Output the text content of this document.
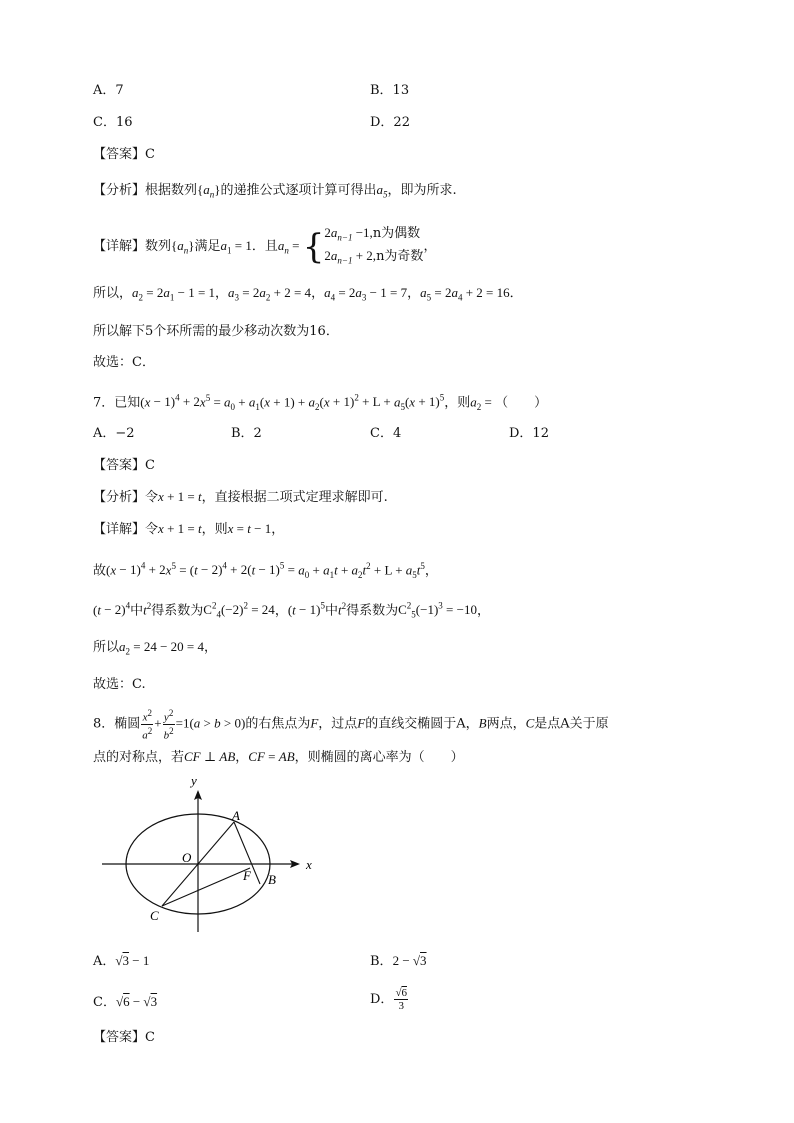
A．7	B．13
C．16	D．22
【答案】C
【分析】根据数列$\{a_n\}$的递推公式逐项计算可得出$a_5$，即为所求.
【详解】数列$\{a_n\}$满足$a_1 = 1$．且$a_n$ = { $2a_{n-1} -1,n$为偶数
$2a_{n-1} + 2,n$为奇数
，
所以，$a_2 = 2a_1 - 1 = 1$，$a_3 = 2a_2 + 2 = 4$，$a_4 = 2a_3 - 1 = 7$，$a_5 = 2a_4 + 2 = 16$．
所以解下5个环所需的最少移动次数为16．
故选：C．
7．已知$(x - 1)^4 + 2x^5 = a_0 + a_1(x + 1) + a_2(x + 1)^2 + L + a_5(x + 1)^5$，则$a_2$ = （　　）
A．−2	B．2	C．4	D．12
【答案】C
【分析】令x + 1 = t，直接根据二项式定理求解即可.
【详解】令x + 1 = t，则x = t − 1，
故$(x - 1)^4 + 2x^5 = (t - 2)^4 + 2(t - 1)^5 = a_0 + a_1t + a_2t^2 + L + a_5t^5$，
$(t - 2)^4$中$t^2$得系数为$C^2_4(-2)^2 = 24$，$(t - 1)^5$中$t^2$得系数为$C^2_5(-1)^3 = -10$，
所以$a_2 = 24 - 20 = 4$，
故选：C.
8．椭圆 $\frac{x^2}{a^2} + \frac{y^2}{b^2} =1(a > b > 0)$的右焦点为F，过点F的直线交椭圆于A，B两点，C是点A关于原
点的对称点，若CF ⊥ AB，CF = AB，则椭圆的离心率为（　　）
y
x
O
A
B
C
F
A．√3 − 1	B．2 − √3
C．√6 − √3	D． $\frac{√6}{3}$
【答案】C
